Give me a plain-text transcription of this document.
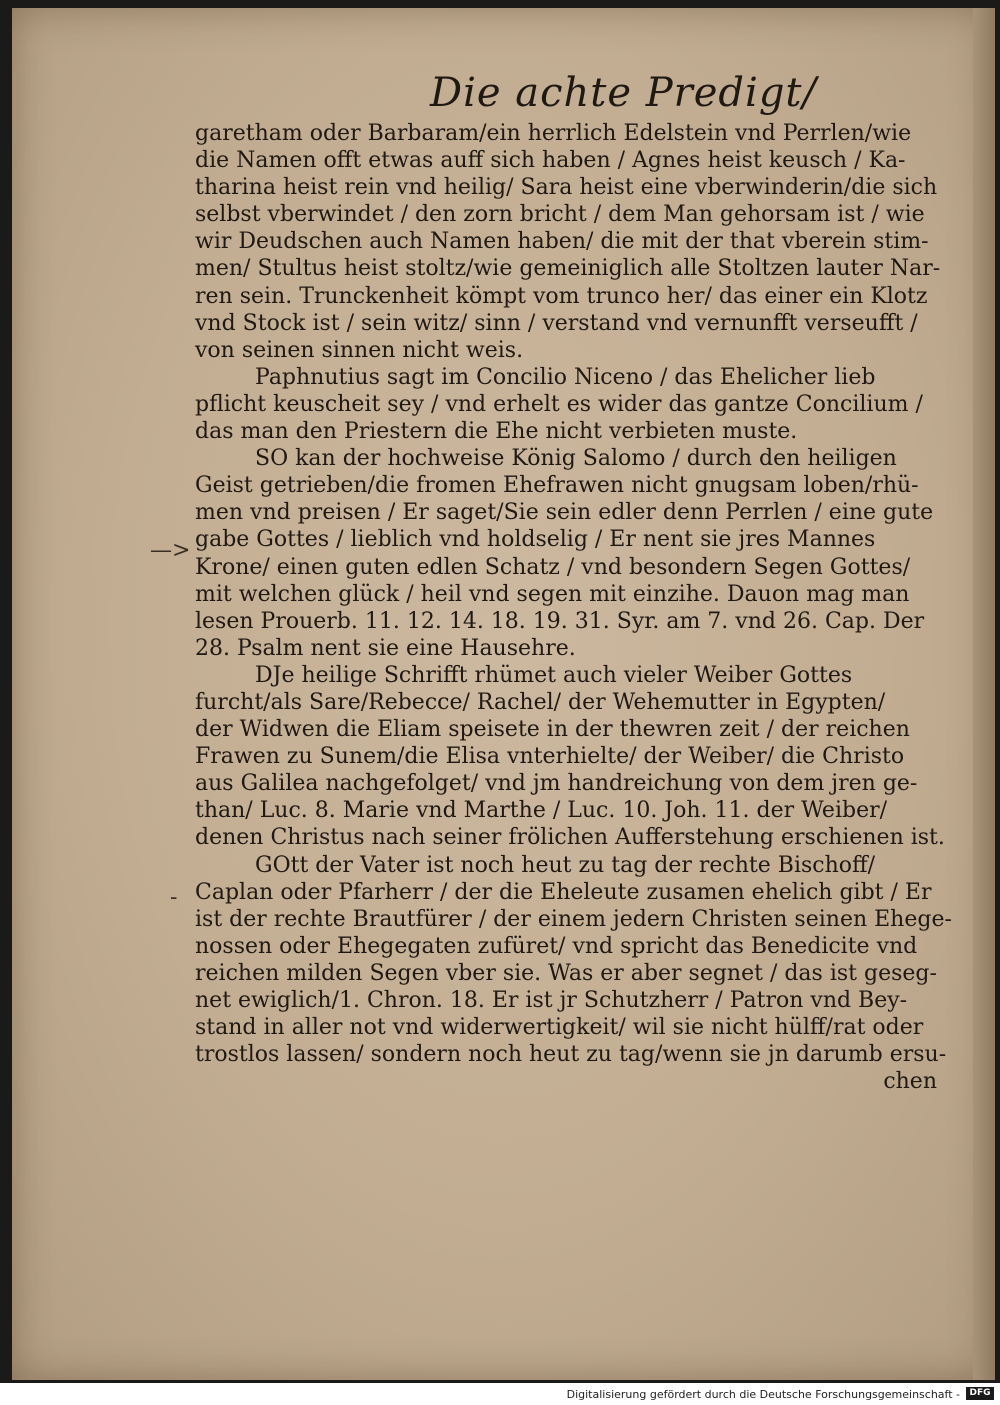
Die achte Predigt/
—>
-
garetham oder Barbaram/ein herrlich Edelstein vnd Perrlen/wie
die Namen offt etwas auff sich haben / Agnes heist keusch / Ka-
tharina heist rein vnd heilig/ Sara heist eine vberwinderin/die sich
selbst vberwindet / den zorn bricht / dem Man gehorsam ist / wie
wir Deudschen auch Namen haben/ die mit der that vberein stim-
men/ Stultus heist stoltz/wie gemeiniglich alle Stoltzen lauter Nar-
ren sein. Trunckenheit kömpt vom trunco her/ das einer ein Klotz
vnd Stock ist / sein witz/ sinn / verstand vnd vernunfft verseufft /
von seinen sinnen nicht weis.
Paphnutius sagt im Concilio Niceno / das Ehelicher lieb
pflicht keuscheit sey / vnd erhelt es wider das gantze Concilium /
das man den Priestern die Ehe nicht verbieten muste.
SO kan der hochweise König Salomo / durch den heiligen
Geist getrieben/die fromen Ehefrawen nicht gnugsam loben/rhü-
men vnd preisen / Er saget/Sie sein edler denn Perrlen / eine gute
gabe Gottes / lieblich vnd holdselig / Er nent sie jres Mannes
Krone/ einen guten edlen Schatz / vnd besondern Segen Gottes/
mit welchen glück / heil vnd segen mit einzihe. Dauon mag man
lesen Prouerb. 11. 12. 14. 18. 19. 31. Syr. am 7. vnd 26. Cap. Der
28. Psalm nent sie eine Hausehre.
DJe heilige Schrifft rhümet auch vieler Weiber Gottes
furcht/als Sare/Rebecce/ Rachel/ der Wehemutter in Egypten/
der Widwen die Eliam speisete in der thewren zeit / der reichen
Frawen zu Sunem/die Elisa vnterhielte/ der Weiber/ die Christo
aus Galilea nachgefolget/ vnd jm handreichung von dem jren ge-
than/ Luc. 8. Marie vnd Marthe / Luc. 10. Joh. 11. der Weiber/
denen Christus nach seiner frölichen Aufferstehung erschienen ist.
GOtt der Vater ist noch heut zu tag der rechte Bischoff/
Caplan oder Pfarherr / der die Eheleute zusamen ehelich gibt / Er
ist der rechte Brautfürer / der einem jedern Christen seinen Ehege-
nossen oder Ehegegaten zufüret/ vnd spricht das Benedicite vnd
reichen milden Segen vber sie. Was er aber segnet / das ist geseg-
net ewiglich/1. Chron. 18. Er ist jr Schutzherr / Patron vnd Bey-
stand in aller not vnd widerwertigkeit/ wil sie nicht hülff/rat oder
trostlos lassen/ sondern noch heut zu tag/wenn sie jn darumb ersu-
chen
Digitalisierung gefördert durch die Deutsche Forschungsgemeinschaft -	DFG
